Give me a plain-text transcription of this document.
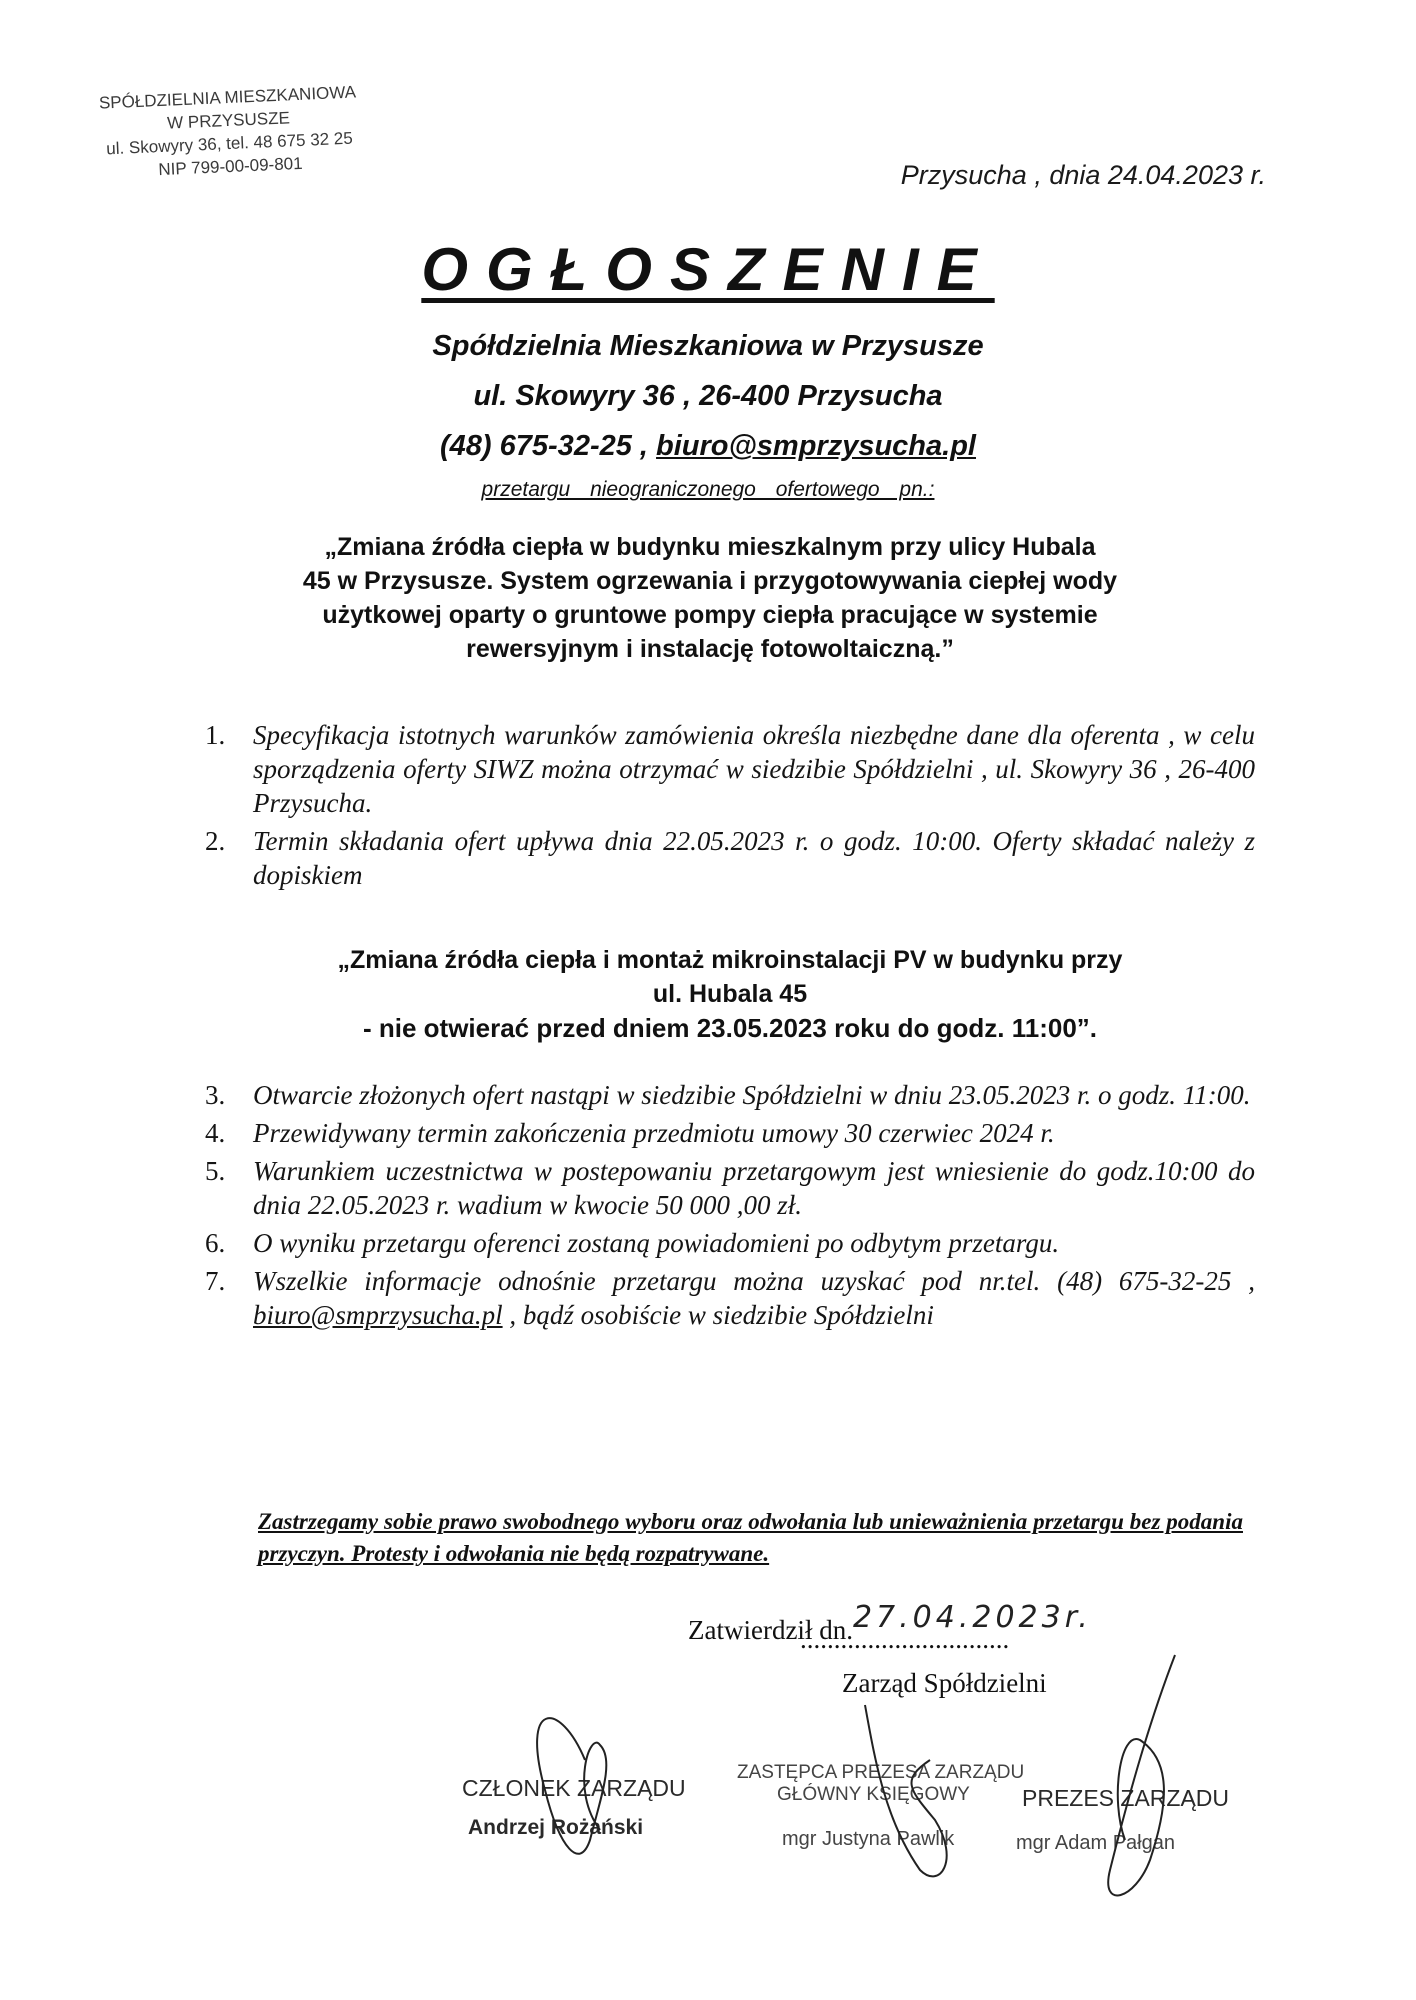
SPÓŁDZIELNIA MIESZKANIOWA
W PRZYSUSZE
ul. Skowyry 36, tel. 48 675 32 25
NIP 799-00-09-801	Przysucha , dnia 24.04.2023 r.
OGŁOSZENIE
Spółdzielnia Mieszkaniowa w Przysusze
ul. Skowyry 36 , 26-400 Przysucha
(48) 675-32-25 , biuro@smprzysucha.pl
przetargu nieograniczonego ofertowego pn.:
„Zmiana źródła ciepła w budynku mieszkalnym przy ulicy Hubala
45 w Przysusze. System ogrzewania i przygotowywania ciepłej wody
użytkowej oparty o gruntowe pompy ciepła pracujące w systemie
rewersyjnym i instalację fotowoltaiczną.”
1. Specyfikacja istotnych warunków zamówienia określa niezbędne dane dla oferenta , w celu sporządzenia oferty SIWZ można otrzymać w siedzibie Spółdzielni , ul. Skowyry 36 , 26-400 Przysucha.
2. Termin składania ofert upływa dnia 22.05.2023 r. o godz. 10:00. Oferty składać należy z dopiskiem
„Zmiana źródła ciepła i montaż mikroinstalacji PV w budynku przy
ul. Hubala 45
- nie otwierać przed dniem 23.05.2023 roku do godz. 11:00”.
3. Otwarcie złożonych ofert nastąpi w siedzibie Spółdzielni w dniu 23.05.2023 r. o godz. 11:00.
4. Przewidywany termin zakończenia przedmiotu umowy 30 czerwiec 2024 r.
5. Warunkiem uczestnictwa w postepowaniu przetargowym jest wniesienie do godz.10:00 do dnia 22.05.2023 r. wadium w kwocie 50 000 ,00 zł.
6. O wyniku przetargu oferenci zostaną powiadomieni po odbytym przetargu.
7. Wszelkie informacje odnośnie przetargu można uzyskać pod nr.tel. (48) 675-32-25 , biuro@smprzysucha.pl , bądź osobiście w siedzibie Spółdzielni
Zastrzegamy sobie prawo swobodnego wyboru oraz odwołania lub unieważnienia przetargu bez podania przyczyn. Protesty i odwołania nie będą rozpatrywane.
Zatwierdził dn.27.04.2023r.
...............................
Zarząd Spółdzielni
CZŁONEK ZARZĄDU
Andrzej Rożański
ZASTĘPCA PREZESA ZARZĄDU
GŁÓWNY KSIĘGOWY
mgr Justyna Pawlik
PREZES ZARZĄDU
mgr Adam Pałgan
